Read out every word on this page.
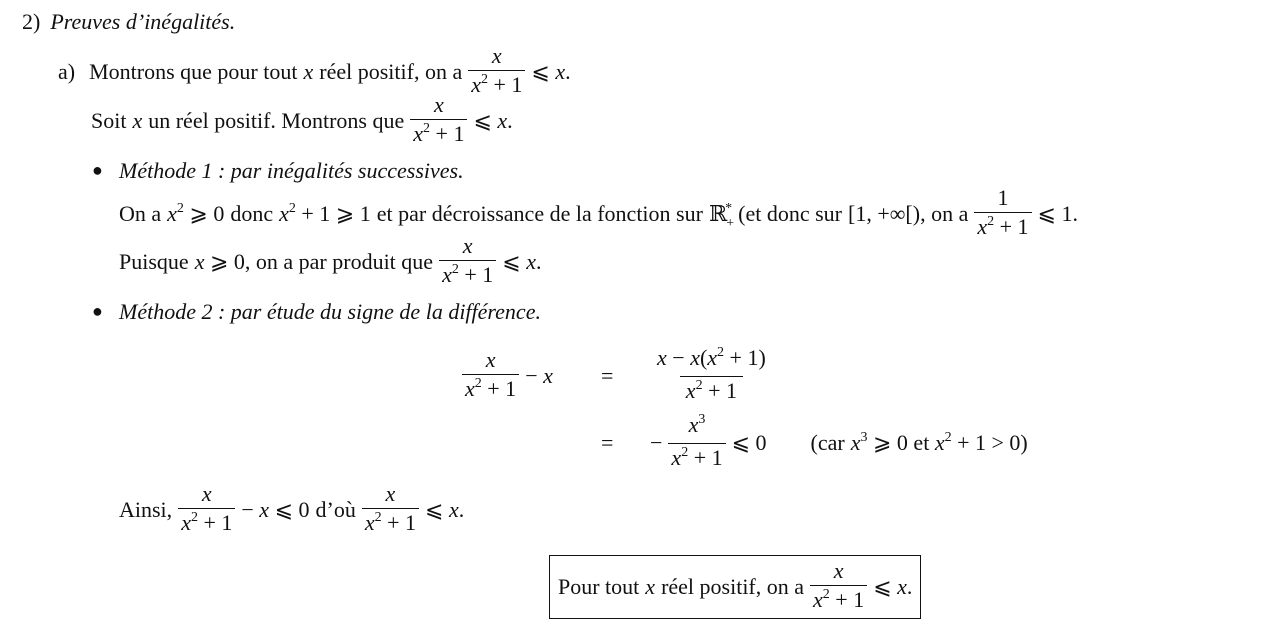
2) Preuves d’inégalités.
a) Montrons que pour tout x réel positif, on a $\frac{x}{x^2 + 1}$ ⩽ x.
Soit x un réel positif. Montrons que $\frac{x}{x^2 + 1}$ ⩽ x.
● Méthode 1 : par inégalités successives.
On a $x^2$ ⩾ 0 donc $x^2 + 1$ ⩾ 1 et par décroissance de la fonction sur ℝ$_+$* (et donc sur [1, +∞[ ), on a $\frac{1}{x^2 + 1}$ ⩽ 1.
Puisque x ⩾ 0 , on a par produit que $\frac{x}{x^2 + 1}$ ⩽ x.
● Méthode 2 : par étude du signe de la différence.
$\frac{x}{x^2 + 1} - x = \frac{x - x(x^2 + 1)}{x^2 + 1}$
= − $\frac{x^3}{x^2 + 1}$ ⩽ 0 (car $x^3$ ⩾ 0 et $x^2 + 1 > 0$)
Ainsi, $\frac{x}{x^2 + 1} - x$ ⩽ 0 d’où $\frac{x}{x^2 + 1}$ ⩽ x.
Pour tout x réel positif, on a $\frac{x}{x^2 + 1}$ ⩽ x.
